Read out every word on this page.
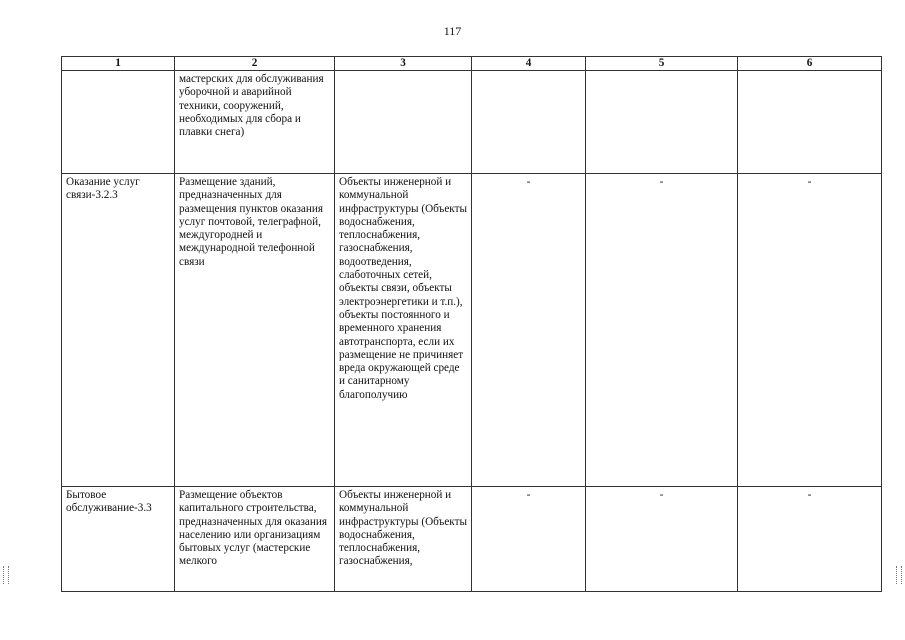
117
1	2	3	4	5	6
	мастерских для обслуживания уборочной и аварийной техники, сооружений, необходимых для сбора и плавки снега)				
Оказание услуг связи-3.2.3	Размещение зданий, предназначенных для размещения пунктов оказания услуг почтовой, телеграфной, междугородней и международной телефонной связи	Объекты инженерной и коммунальной инфраструктуры (Объекты водоснабжения, теплоснабжения, газоснабжения, водоотведения, слаботочных сетей, объекты связи, объекты электроэнергетики и т.п.), объекты постоянного и временного хранения автотранспорта, если их размещение не причиняет вреда окружающей среде и санитарному благополучию	-	-	-
Бытовое обслуживание-3.3	Размещение объектов капитального строительства, предназначенных для оказания населению или организациям бытовых услуг (мастерские мелкого	Объекты инженерной и коммунальной инфраструктуры (Объекты водоснабжения, теплоснабжения, газоснабжения,	-	-	-
